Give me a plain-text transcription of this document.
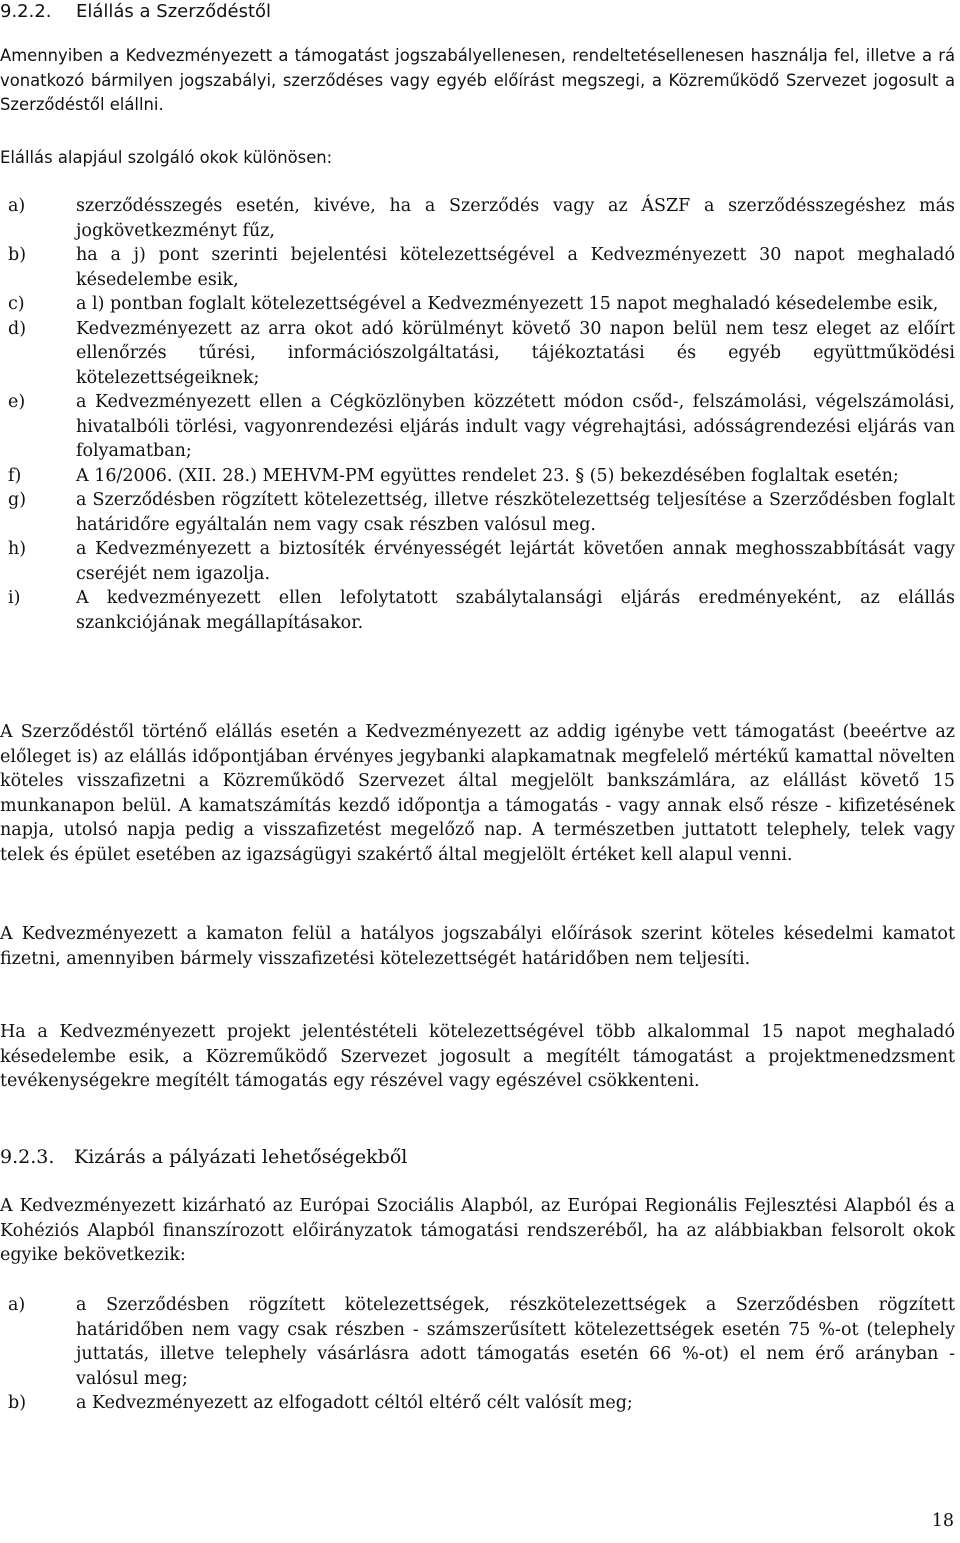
9.2.2. Elállás a Szerződéstől

Amennyiben a Kedvezményezett a támogatást jogszabályellenesen, rendeltetésellenesen használja fel, illetve a rá vonatkozó bármilyen jogszabályi, szerződéses vagy egyéb előírást megszegi, a Közreműködő Szervezet jogosult a Szerződéstől elállni.

Elállás alapjául szolgáló okok különösen:
a)	szerződésszegés esetén, kivéve, ha a Szerződés vagy az ÁSZF a szerződésszegéshez más jogkövetkezményt fűz,
b)	ha a j) pont szerinti bejelentési kötelezettségével a Kedvezményezett 30 napot meghaladó késedelembe esik,
c)	a l) pontban foglalt kötelezettségével a Kedvezményezett 15 napot meghaladó késedelembe esik,
d)	Kedvezményezett az arra okot adó körülményt követő 30 napon belül nem tesz eleget az előírt ellenőrzés tűrési, információszolgáltatási, tájékoztatási és egyéb együttműködési kötelezettségeiknek;
e)	a Kedvezményezett ellen a Cégközlönyben közzétett módon csőd-, felszámolási, végelszámolási, hivatalbóli törlési, vagyonrendezési eljárás indult vagy végrehajtási, adósságrendezési eljárás van folyamatban;
f)	A 16/2006. (XII. 28.) MEHVM-PM együttes rendelet 23. § (5) bekezdésében foglaltak esetén;
g)	a Szerződésben rögzített kötelezettség, illetve részkötelezettség teljesítése a Szerződésben foglalt határidőre egyáltalán nem vagy csak részben valósul meg.
h)	a Kedvezményezett a biztosíték érvényességét lejártát követően annak meghosszabbítását vagy cseréjét nem igazolja.
i)	A kedvezményezett ellen lefolytatott szabálytalansági eljárás eredményeként, az elállás szankciójának megállapításakor.

A Szerződéstől történő elállás esetén a Kedvezményezett az addig igénybe vett támogatást (beeértve az előleget is) az elállás időpontjában érvényes jegybanki alapkamatnak megfelelő mértékű kamattal növelten köteles visszafizetni a Közreműködő Szervezet által megjelölt bankszámlára, az elállást követő 15 munkanapon belül. A kamatszámítás kezdő időpontja a támogatás - vagy annak első része - kifizetésének napja, utolsó napja pedig a visszafizetést megelőző nap. A természetben juttatott telephely, telek vagy telek és épület esetében az igazságügyi szakértő által megjelölt értéket kell alapul venni.

A Kedvezményezett a kamaton felül a hatályos jogszabályi előírások szerint köteles késedelmi kamatot fizetni, amennyiben bármely visszafizetési kötelezettségét határidőben nem teljesíti.

Ha a Kedvezményezett projekt jelentéstételi kötelezettségével több alkalommal 15 napot meghaladó késedelembe esik, a Közreműködő Szervezet jogosult a megítélt támogatást a projektmenedzsment tevékenységekre megítélt támogatás egy részével vagy egészével csökkenteni.

9.2.3. Kizárás a pályázati lehetőségekből

A Kedvezményezett kizárható az Európai Szociális Alapból, az Európai Regionális Fejlesztési Alapból és a Kohéziós Alapból finanszírozott előirányzatok támogatási rendszeréből, ha az alábbiakban felsorolt okok egyike bekövetkezik:

a)	a Szerződésben rögzített kötelezettségek, részkötelezettségek a Szerződésben rögzített határidőben nem vagy csak részben - számszerűsített kötelezettségek esetén 75 %-ot (telephely juttatás, illetve telephely vásárlásra adott támogatás esetén 66 %-ot) el nem érő arányban - valósul meg;
b)	a Kedvezményezett az elfogadott céltól eltérő célt valósít meg;
18
